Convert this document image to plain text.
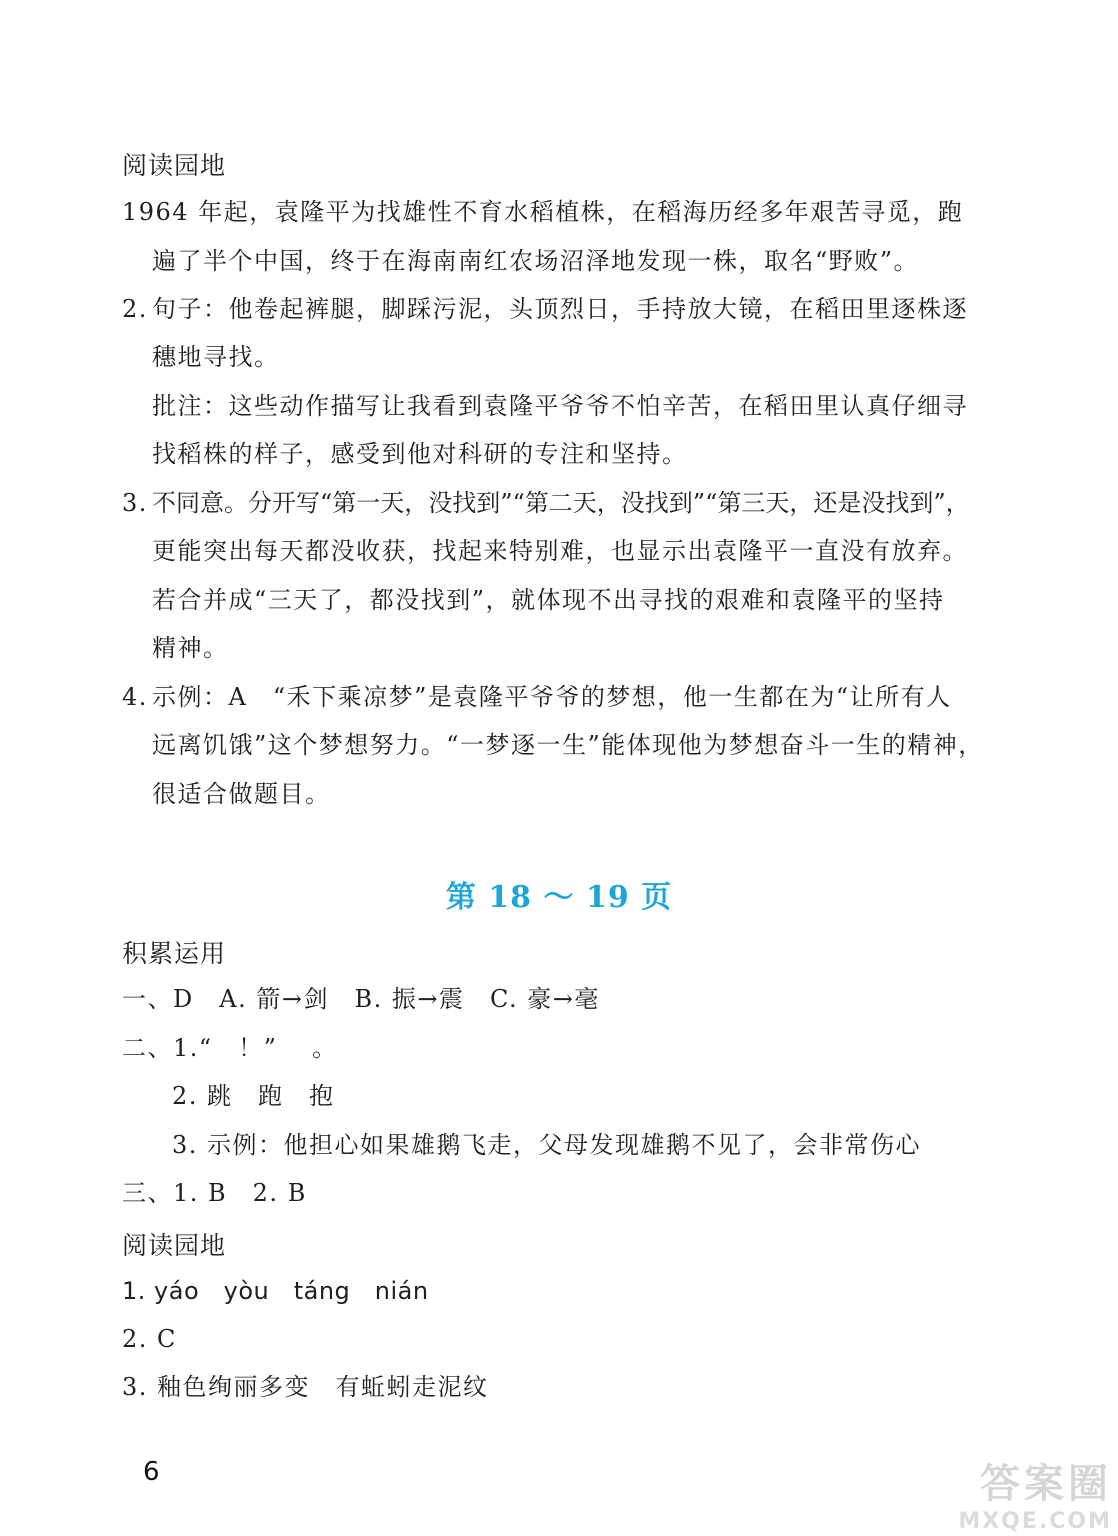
阅读园地
1964 年起，袁隆平为找雄性不育水稻植株，在稻海历经多年艰苦寻觅，跑
遍了半个中国，终于在海南南红农场沼泽地发现一株，取名“野败”。
2. 句子：他卷起裤腿，脚踩污泥，头顶烈日，手持放大镜，在稻田里逐株逐
穗地寻找。
批注：这些动作描写让我看到袁隆平爷爷不怕辛苦，在稻田里认真仔细寻
找稻株的样子，感受到他对科研的专注和坚持。
3. 不同意。分开写“第一天，没找到”“第二天，没找到”“第三天，还是没找到”，
更能突出每天都没收获，找起来特别难，也显示出袁隆平一直没有放弃。
若合并成“三天了，都没找到”，就体现不出寻找的艰难和袁隆平的坚持
精神。
4. 示例：A　“禾下乘凉梦”是袁隆平爷爷的梦想，他一生都在为“让所有人
远离饥饿”这个梦想努力。“一梦逐一生”能体现他为梦想奋斗一生的精神，
很适合做题目。
第 18 ～ 19 页
积累运用
一、D　A. 箭→剑　B. 振→震　C. 豪→毫
二、1.“　！”　 。
2. 跳　跑　抱
3. 示例：他担心如果雄鹅飞走，父母发现雄鹅不见了，会非常伤心
三、1. B　2. B
阅读园地
1. yáo　yòu　táng　nián
2. C
3. 釉色绚丽多变　有蚯蚓走泥纹
6	答案圈
MXQE.COM
